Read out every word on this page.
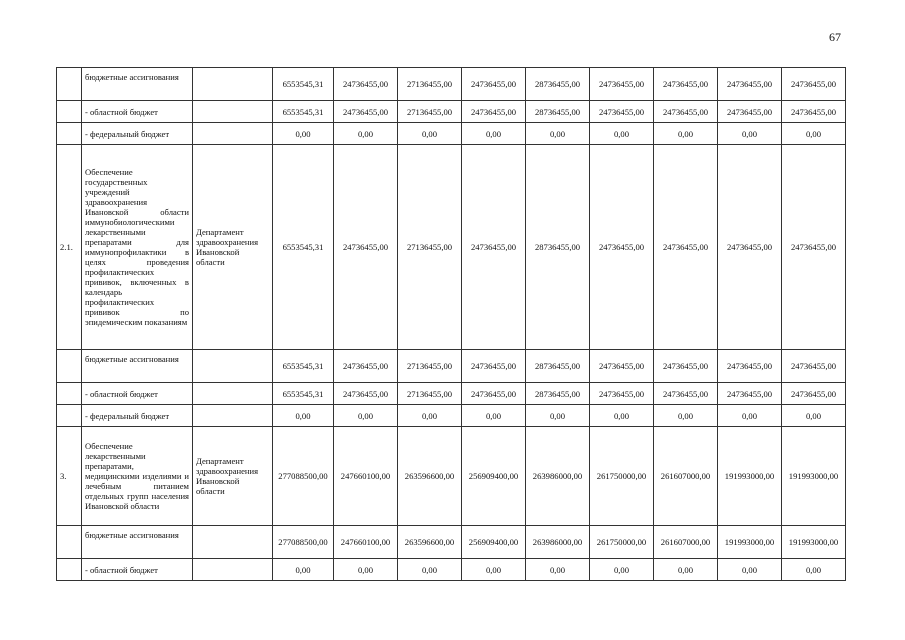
67
	бюджетные ассигнования		6553545,31	24736455,00	27136455,00	24736455,00	28736455,00	24736455,00	24736455,00	24736455,00	24736455,00
	- областной бюджет		6553545,31	24736455,00	27136455,00	24736455,00	28736455,00	24736455,00	24736455,00	24736455,00	24736455,00
	- федеральный бюджет		0,00	0,00	0,00	0,00	0,00	0,00	0,00	0,00	0,00
2.1.	Обеспечение государственных учреждений здравоохранения Ивановской области иммунобиологическими лекарственными препаратами для иммунопрофилактики в целях проведения профилактических прививок, включенных в календарь профилактических прививок по эпидемическим показаниям	Департамент здравоохранения Ивановской области	6553545,31	24736455,00	27136455,00	24736455,00	28736455,00	24736455,00	24736455,00	24736455,00	24736455,00
	бюджетные ассигнования		6553545,31	24736455,00	27136455,00	24736455,00	28736455,00	24736455,00	24736455,00	24736455,00	24736455,00
	- областной бюджет		6553545,31	24736455,00	27136455,00	24736455,00	28736455,00	24736455,00	24736455,00	24736455,00	24736455,00
	- федеральный бюджет		0,00	0,00	0,00	0,00	0,00	0,00	0,00	0,00	0,00
3.	Обеспечение лекарственными препаратами, медицинскими изделиями и лечебным питанием отдельных групп населения Ивановской области	Департамент здравоохранения Ивановской области	277088500,00	247660100,00	263596600,00	256909400,00	263986000,00	261750000,00	261607000,00	191993000,00	191993000,00
	бюджетные ассигнования		277088500,00	247660100,00	263596600,00	256909400,00	263986000,00	261750000,00	261607000,00	191993000,00	191993000,00
	- областной бюджет		0,00	0,00	0,00	0,00	0,00	0,00	0,00	0,00	0,00
